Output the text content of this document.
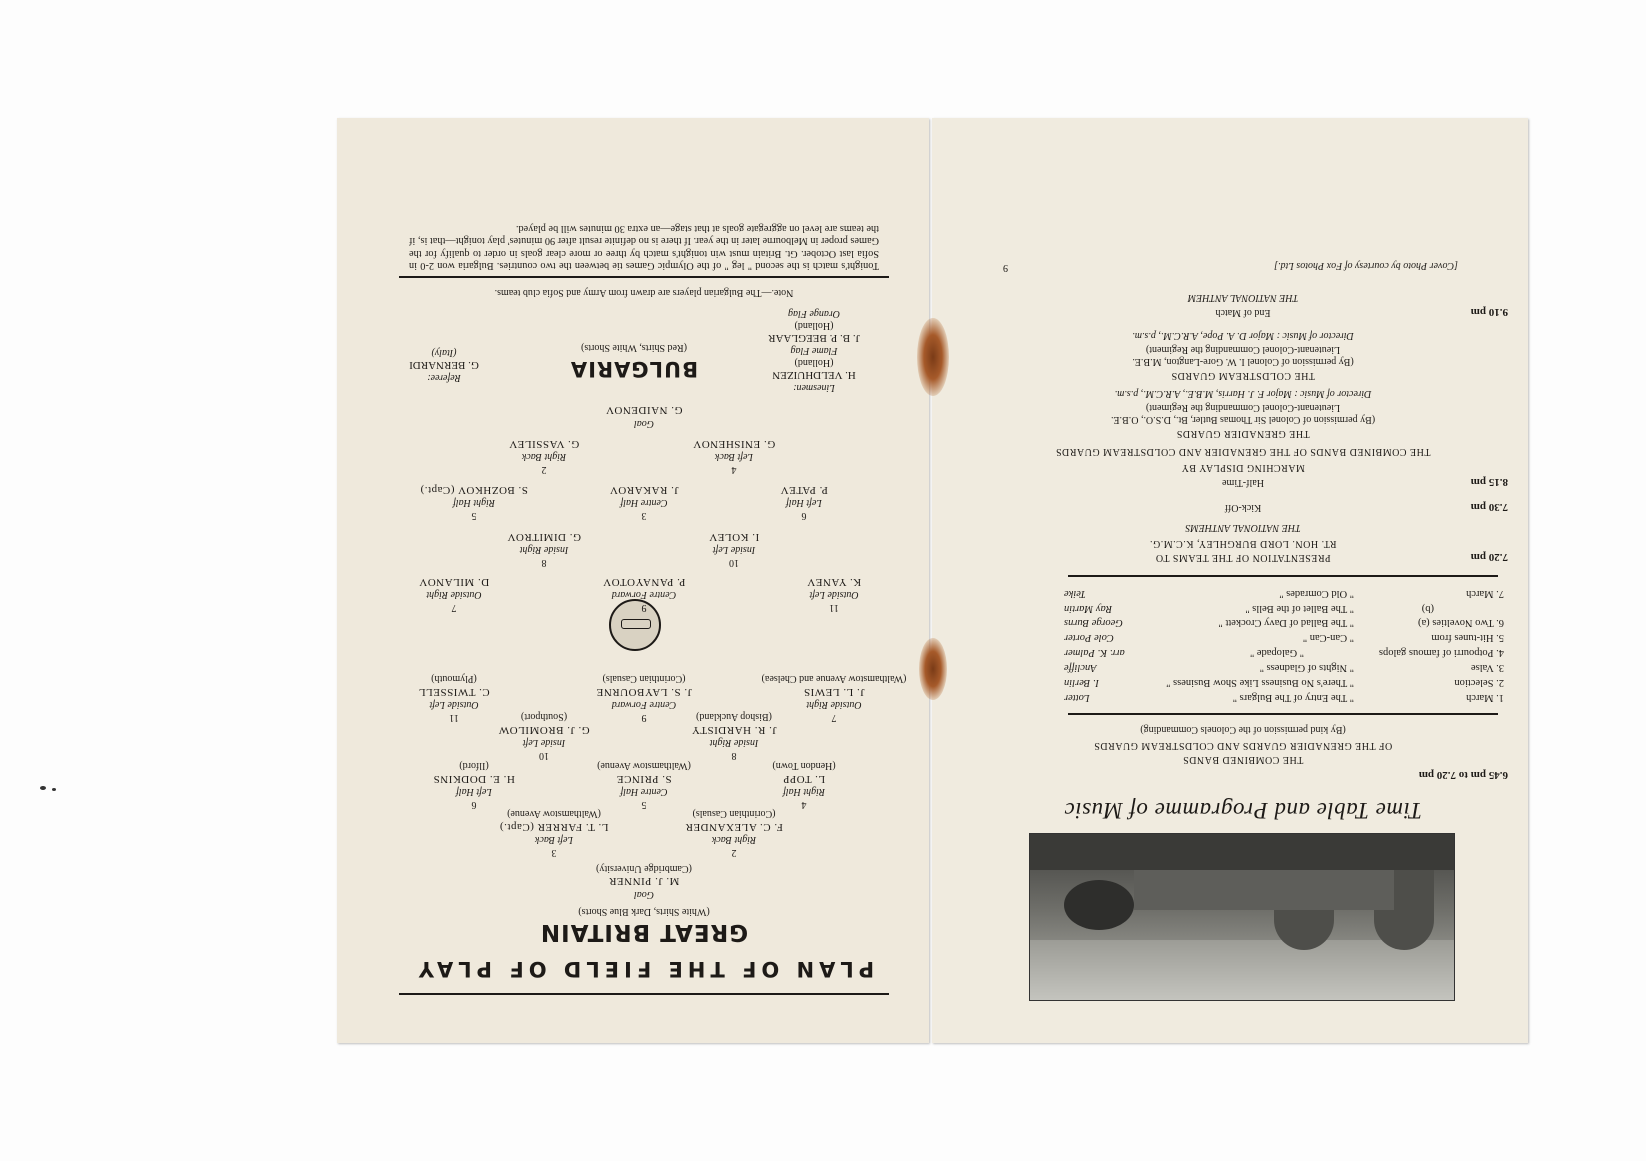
PLAN OF THE FIELD OF PLAY
GREAT BRITAIN
(White Shirts, Dark Blue Shorts)
Goal
M. J. PINNER
(Cambridge University)
2
Right Back
F. C. ALEXANDER
(Corinthian Casuals)
3
Left Back
L. T. FARRER (Capt.)
(Walthamstow Avenue)
4
Right Half
L. TOPP
(Hendon Town)
5
Centre Half
S. PRINCE
(Walthamstow Avenue)
6
Left Half
H. E. DODKINS
(Ilford)
8
Inside Right
J. R. HARDISTY
(Bishop Auckland)
10
Inside Left
G. J. BROMILOW
(Southport)	7
Outside Right
J. L. LEWIS
(Walthamstow Avenue and Chelsea)
9
Centre Forward
J. S. LAYBOURNE
(Corinthian Casuals)
11
Outside Left
C. TWISSELL
(Plymouth)
11
Outside Left
K. YANEV
9
Centre Forward
P. PANAYOTOV
7
Outside Right
D. MILANOV
10
Inside Left
I. KOLEV
8
Inside Right
G. DIMITROV
6
Left Half
P. PATEV
3
Centre Half
J. RAKAROV
5
Right Half
S. BOZHKOV (Capt.)
4
Left Back
G. ENISHENOV
2
Right Back
G. VASSILEV
Goal
G. NAIDENOV
Linesmen:
H. VELDHUIZEN
(Holland)
Flame Flag
J. B. P. BEEGLAAR
(Holland)
Orange Flag
BULGARIA
(Red Shirts, White Shorts)
Referee:
G. BERNARDI
(Italy)
Note.—The Bulgarian players are drawn from Army and Sofia club teams.
Tonight's match is the second " leg " of the Olympic Games tie between the two countries. Bulgaria won 2-0 in Sofia last October. Gt. Britain must win tonight's match by three or more clear goals in order to qualify for the Games proper in Melbourne later in the year. If there is no definite result after 90 minutes' play tonight—that is, if the teams are level on aggregate goals at that stage—an extra 30 minutes will be played.
Time Table and Programme of Music
6.45 pm to 7.20 pm
THE COMBINED BANDS
OF THE GRENADIER GUARDS AND COLDSTREAM GUARDS
(By kind permission of the Colonels Commanding)
1. March
" The Entry of The Bulgars "
Lotter
2. Selection
" There's No Business Like Show Business "
I. Berlin
3. Valse
" Nights of Gladness "
Ancliffe
4. Potpourri of famous galops
" Galopade "
arr. K. Palmer
5. Hit-tunes from
" Can-Can "
Cole Porter
6. Two Novelties (a)
" The Ballad of Davy Crockett "
George Burns
(b)
" The Ballet of the Bells "
Ray Martin
7. March
" Old Comrades "
Teike
7.20 pm
PRESENTATION OF THE TEAMS TO
RT. HON. LORD BURGHLEY, K.C.M.G.
THE NATIONAL ANTHEMS
7.30 pm
Kick-Off
8.15 pm
Half-Time
MARCHING DISPLAY BY
THE COMBINED BANDS OF THE GRENADIER AND COLDSTREAM GUARDS
THE GRENADIER GUARDS
(By permission of Colonel Sir Thomas Butler, Bt., D.S.O., O.B.E.
Lieutenant-Colonel Commanding the Regiment)
Director of Music : Major F. J. Harris, M.B.E., A.R.C.M., p.s.m.
THE COLDSTREAM GUARDS
(By permission of Colonel I. W. Gore-Langton, M.B.E.
Lieutenant-Colonel Commanding the Regiment)
Director of Music : Major D. A. Pope, A.R.C.M., p.s.m.
9.10 pm
End of Match
THE NATIONAL ANTHEM
[Cover Photo by courtesy of Fox Photos Ltd.]
9
